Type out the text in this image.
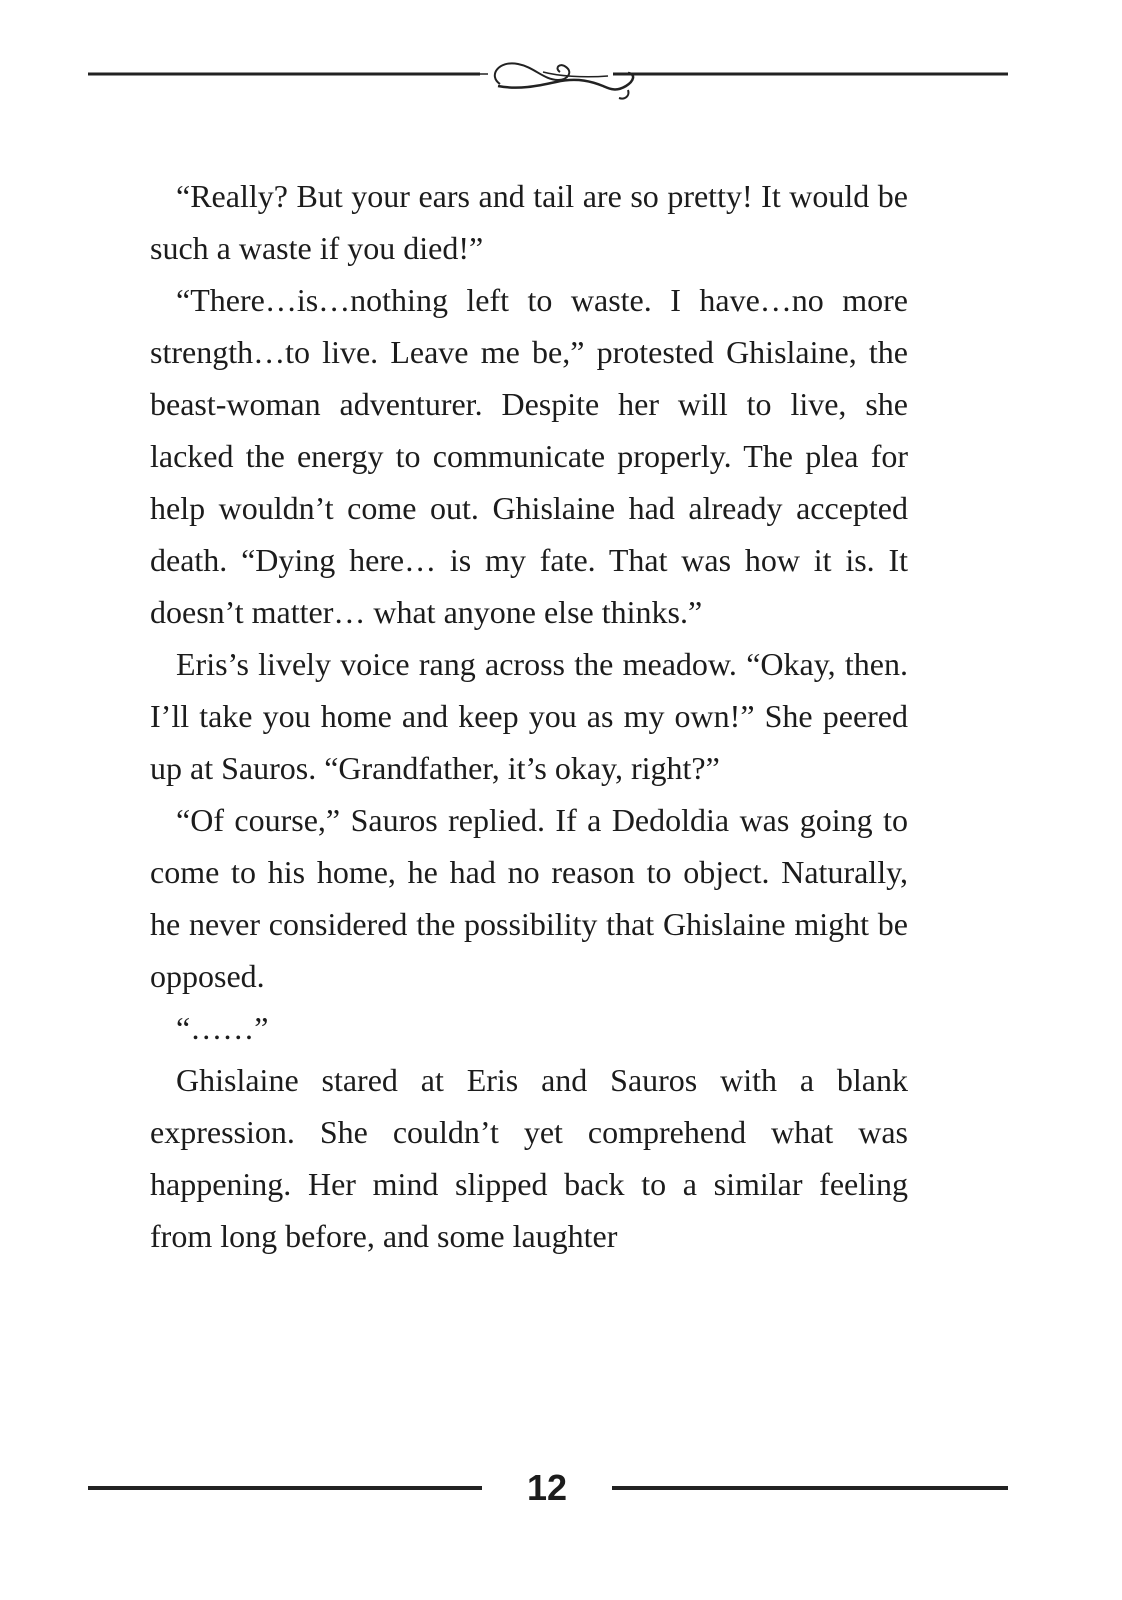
“Really? But your ears and tail are so pretty! It would be such a waste if you died!”

“There…is…nothing left to waste. I have…no more strength…to live. Leave me be,” protested Ghislaine, the beast-woman adventurer. Despite her will to live, she lacked the energy to communicate properly. The plea for help wouldn’t come out. Ghislaine had already accepted death. “Dying here… is my fate. That was how it is. It doesn’t matter… what anyone else thinks.”

Eris’s lively voice rang across the meadow. “Okay, then. I’ll take you home and keep you as my own!” She peered up at Sauros. “Grandfather, it’s okay, right?”

“Of course,” Sauros replied. If a Dedoldia was going to come to his home, he had no reason to object. Naturally, he never considered the possibility that Ghislaine might be opposed.

“……”

Ghislaine stared at Eris and Sauros with a blank expression. She couldn’t yet comprehend what was happening. Her mind slipped back to a similar feeling from long before, and some laughter

12
